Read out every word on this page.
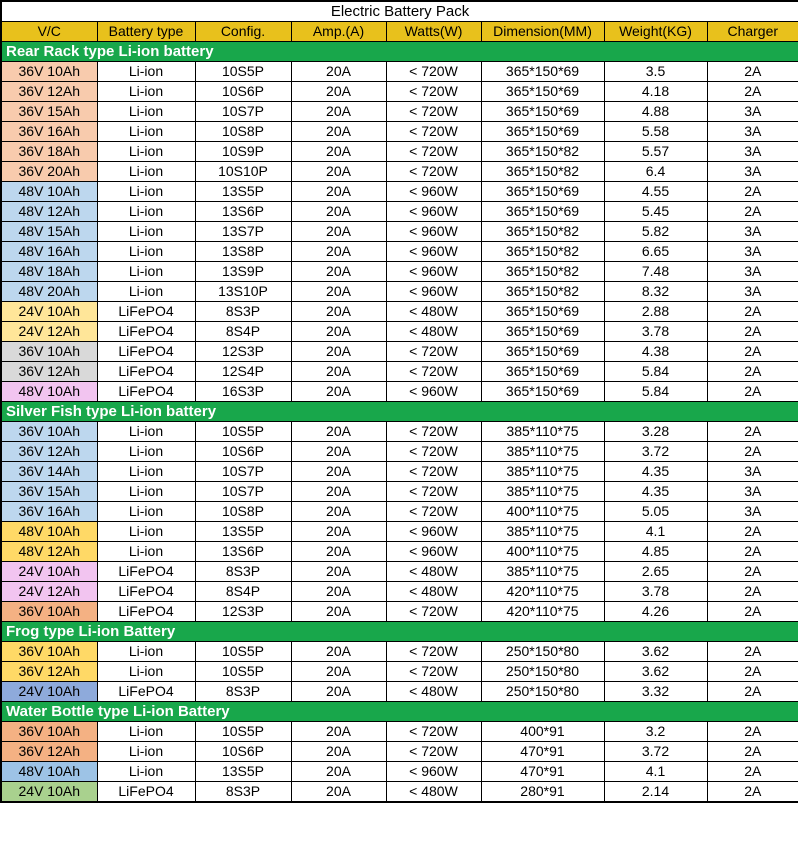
Electric Battery Pack							
V/C	Battery type	Config.	Amp.(A)	Watts(W)	Dimension(MM)	Weight(KG)	Charger
Rear Rack type Li-ion battery							
36V 10Ah	Li-ion	10S5P	20A	< 720W	365*150*69	3.5	2A
36V 12Ah	Li-ion	10S6P	20A	< 720W	365*150*69	4.18	2A
36V 15Ah	Li-ion	10S7P	20A	< 720W	365*150*69	4.88	3A
36V 16Ah	Li-ion	10S8P	20A	< 720W	365*150*69	5.58	3A
36V 18Ah	Li-ion	10S9P	20A	< 720W	365*150*82	5.57	3A
36V 20Ah	Li-ion	10S10P	20A	< 720W	365*150*82	6.4	3A
48V 10Ah	Li-ion	13S5P	20A	< 960W	365*150*69	4.55	2A
48V 12Ah	Li-ion	13S6P	20A	< 960W	365*150*69	5.45	2A
48V 15Ah	Li-ion	13S7P	20A	< 960W	365*150*82	5.82	3A
48V 16Ah	Li-ion	13S8P	20A	< 960W	365*150*82	6.65	3A
48V 18Ah	Li-ion	13S9P	20A	< 960W	365*150*82	7.48	3A
48V 20Ah	Li-ion	13S10P	20A	< 960W	365*150*82	8.32	3A
24V 10Ah	LiFePO4	8S3P	20A	< 480W	365*150*69	2.88	2A
24V 12Ah	LiFePO4	8S4P	20A	< 480W	365*150*69	3.78	2A
36V 10Ah	LiFePO4	12S3P	20A	< 720W	365*150*69	4.38	2A
36V 12Ah	LiFePO4	12S4P	20A	< 720W	365*150*69	5.84	2A
48V 10Ah	LiFePO4	16S3P	20A	< 960W	365*150*69	5.84	2A
Silver Fish type Li-ion battery							
36V 10Ah	Li-ion	10S5P	20A	< 720W	385*110*75	3.28	2A
36V 12Ah	Li-ion	10S6P	20A	< 720W	385*110*75	3.72	2A
36V 14Ah	Li-ion	10S7P	20A	< 720W	385*110*75	4.35	3A
36V 15Ah	Li-ion	10S7P	20A	< 720W	385*110*75	4.35	3A
36V 16Ah	Li-ion	10S8P	20A	< 720W	400*110*75	5.05	3A
48V 10Ah	Li-ion	13S5P	20A	< 960W	385*110*75	4.1	2A
48V 12Ah	Li-ion	13S6P	20A	< 960W	400*110*75	4.85	2A
24V 10Ah	LiFePO4	8S3P	20A	< 480W	385*110*75	2.65	2A
24V 12Ah	LiFePO4	8S4P	20A	< 480W	420*110*75	3.78	2A
36V 10Ah	LiFePO4	12S3P	20A	< 720W	420*110*75	4.26	2A
Frog type Li-ion Battery							
36V 10Ah	Li-ion	10S5P	20A	< 720W	250*150*80	3.62	2A
36V 12Ah	Li-ion	10S5P	20A	< 720W	250*150*80	3.62	2A
24V 10Ah	LiFePO4	8S3P	20A	< 480W	250*150*80	3.32	2A
Water Bottle type Li-ion Battery							
36V 10Ah	Li-ion	10S5P	20A	< 720W	400*91	3.2	2A
36V 12Ah	Li-ion	10S6P	20A	< 720W	470*91	3.72	2A
48V 10Ah	Li-ion	13S5P	20A	< 960W	470*91	4.1	2A
24V 10Ah	LiFePO4	8S3P	20A	< 480W	280*91	2.14	2A
